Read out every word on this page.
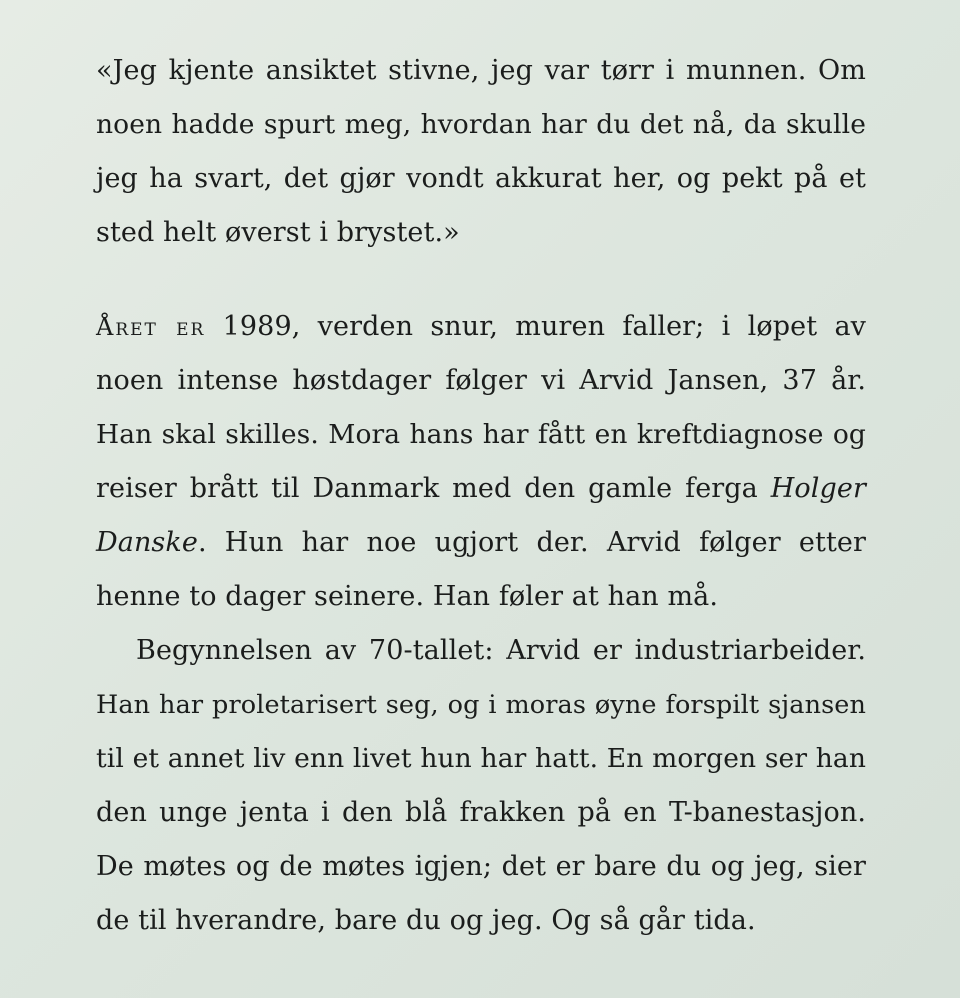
«Jeg kjente ansiktet stivne, jeg var tørr i munnen. Om
noen hadde spurt meg, hvordan har du det nå, da skulle
jeg ha svart, det gjør vondt akkurat her, og pekt på et
sted helt øverst i brystet.»
Året er 1989, verden snur, muren faller; i løpet av
noen intense høstdager følger vi Arvid Jansen, 37 år.
Han skal skilles. Mora hans har fått en kreftdiagnose og
reiser brått til Danmark med den gamle ferga Holger
Danske. Hun har noe ugjort der. Arvid følger etter
henne to dager seinere. Han føler at han må.
Begynnelsen av 70-tallet: Arvid er industriarbeider.
Han har proletarisert seg, og i moras øyne forspilt sjansen
til et annet liv enn livet hun har hatt. En morgen ser han
den unge jenta i den blå frakken på en T-banestasjon.
De møtes og de møtes igjen; det er bare du og jeg, sier
de til hverandre, bare du og jeg. Og så går tida.
